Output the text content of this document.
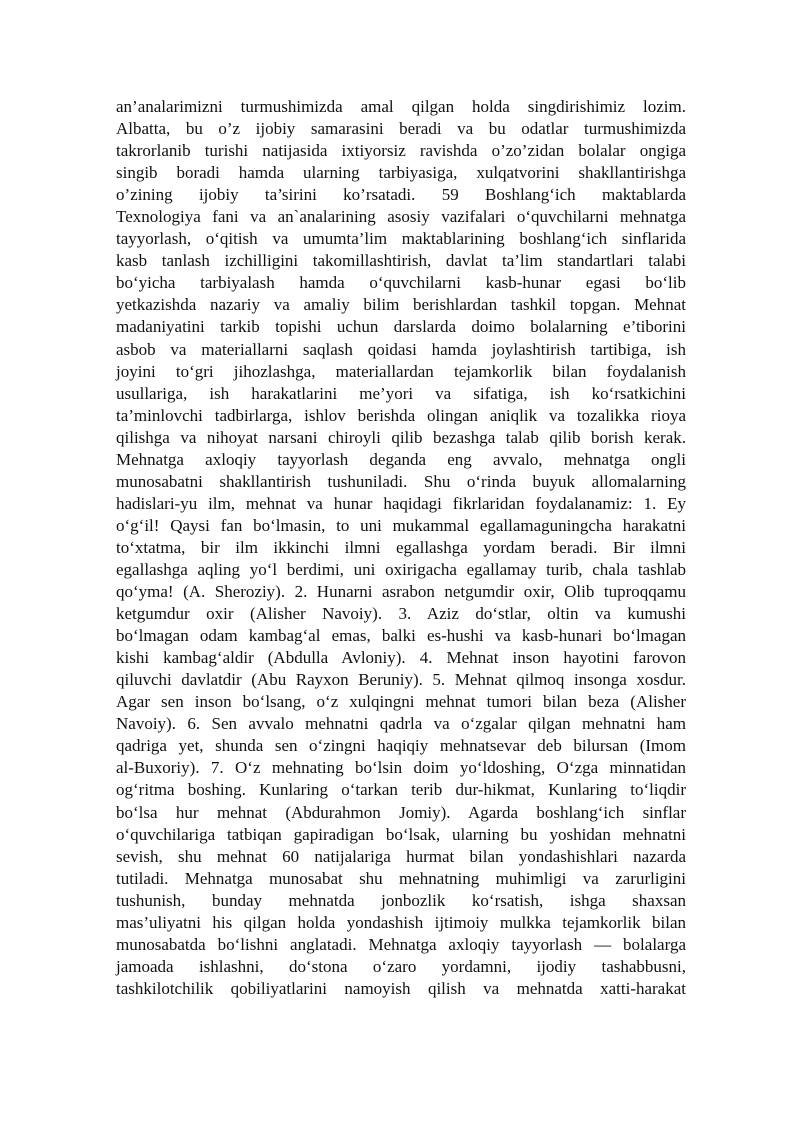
an’analarimizni turmushimizda amal qilgan holda singdirishimiz lozim.
Albatta, bu o’z ijobiy samarasini beradi va bu odatlar turmushimizda
takrorlanib turishi natijasida ixtiyorsiz ravishda o’zo’zidan bolalar ongiga
singib boradi hamda ularning tarbiyasiga, xulqatvorini shakllantirishga
o’zining ijobiy ta’sirini ko’rsatadi. 59 Boshlang‘ich maktablarda
Texnologiya fani va an`analarining asosiy vazifalari o‘quvchilarni mehnatga
tayyorlash, o‘qitish va umumta’lim maktablarining boshlang‘ich sinflarida
kasb tanlash izchilligini takomillashtirish, davlat ta’lim standartlari talabi
bo‘yicha tarbiyalash hamda o‘quvchilarni kasb-hunar egasi bo‘lib
yetkazishda nazariy va amaliy bilim berishlardan tashkil topgan. Mehnat
madaniyatini tarkib topishi uchun darslarda doimo bolalarning e’tiborini
asbob va materiallarni saqlash qoidasi hamda joylashtirish tartibiga, ish
joyini to‘gri jihozlashga, materiallardan tejamkorlik bilan foydalanish
usullariga, ish harakatlarini me’yori va sifatiga, ish ko‘rsatkichini
ta’minlovchi tadbirlarga, ishlov berishda olingan aniqlik va tozalikka rioya
qilishga va nihoyat narsani chiroyli qilib bezashga talab qilib borish kerak.
Mehnatga axloqiy tayyorlash deganda eng avvalo, mehnatga ongli
munosabatni shakllantirish tushuniladi. Shu o‘rinda buyuk allomalarning
hadislari-yu ilm, mehnat va hunar haqidagi fikrlaridan foydalanamiz: 1. Ey
o‘g‘il! Qaysi fan bo‘lmasin, to uni mukammal egallamaguningcha harakatni
to‘xtatma, bir ilm ikkinchi ilmni egallashga yordam beradi. Bir ilmni
egallashga aqling yo‘l berdimi, uni oxirigacha egallamay turib, chala tashlab
qo‘yma! (A. Sheroziy). 2. Hunarni asrabon netgumdir oxir, Olib tuproqqamu
ketgumdur oxir (Alisher Navoiy). 3. Aziz do‘stlar, oltin va kumushi
bo‘lmagan odam kambag‘al emas, balki es-hushi va kasb-hunari bo‘lmagan
kishi kambag‘aldir (Abdulla Avloniy). 4. Mehnat inson hayotini farovon
qiluvchi davlatdir (Abu Rayxon Beruniy). 5. Mehnat qilmoq insonga xosdur.
Agar sen inson bo‘lsang, o‘z xulqingni mehnat tumori bilan beza (Alisher
Navoiy). 6. Sen avvalo mehnatni qadrla va o‘zgalar qilgan mehnatni ham
qadriga yet, shunda sen o‘zingni haqiqiy mehnatsevar deb bilursan (Imom
al-Buxoriy). 7. O‘z mehnating bo‘lsin doim yo‘ldoshing, O‘zga minnatidan
og‘ritma boshing. Kunlaring o‘tarkan terib dur-hikmat, Kunlaring to‘liqdir
bo‘lsa hur mehnat (Abdurahmon Jomiy). Agarda boshlang‘ich sinflar
o‘quvchilariga tatbiqan gapiradigan bo‘lsak, ularning bu yoshidan mehnatni
sevish, shu mehnat 60 natijalariga hurmat bilan yondashishlari nazarda
tutiladi. Mehnatga munosabat shu mehnatning muhimligi va zarurligini
tushunish, bunday mehnatda jonbozlik ko‘rsatish, ishga shaxsan
mas’uliyatni his qilgan holda yondashish ijtimoiy mulkka tejamkorlik bilan
munosabatda bo‘lishni anglatadi. Mehnatga axloqiy tayyorlash — bolalarga
jamoada ishlashni, do‘stona o‘zaro yordamni, ijodiy tashabbusni,
tashkilotchilik qobiliyatlarini namoyish qilish va mehnatda xatti-harakat
